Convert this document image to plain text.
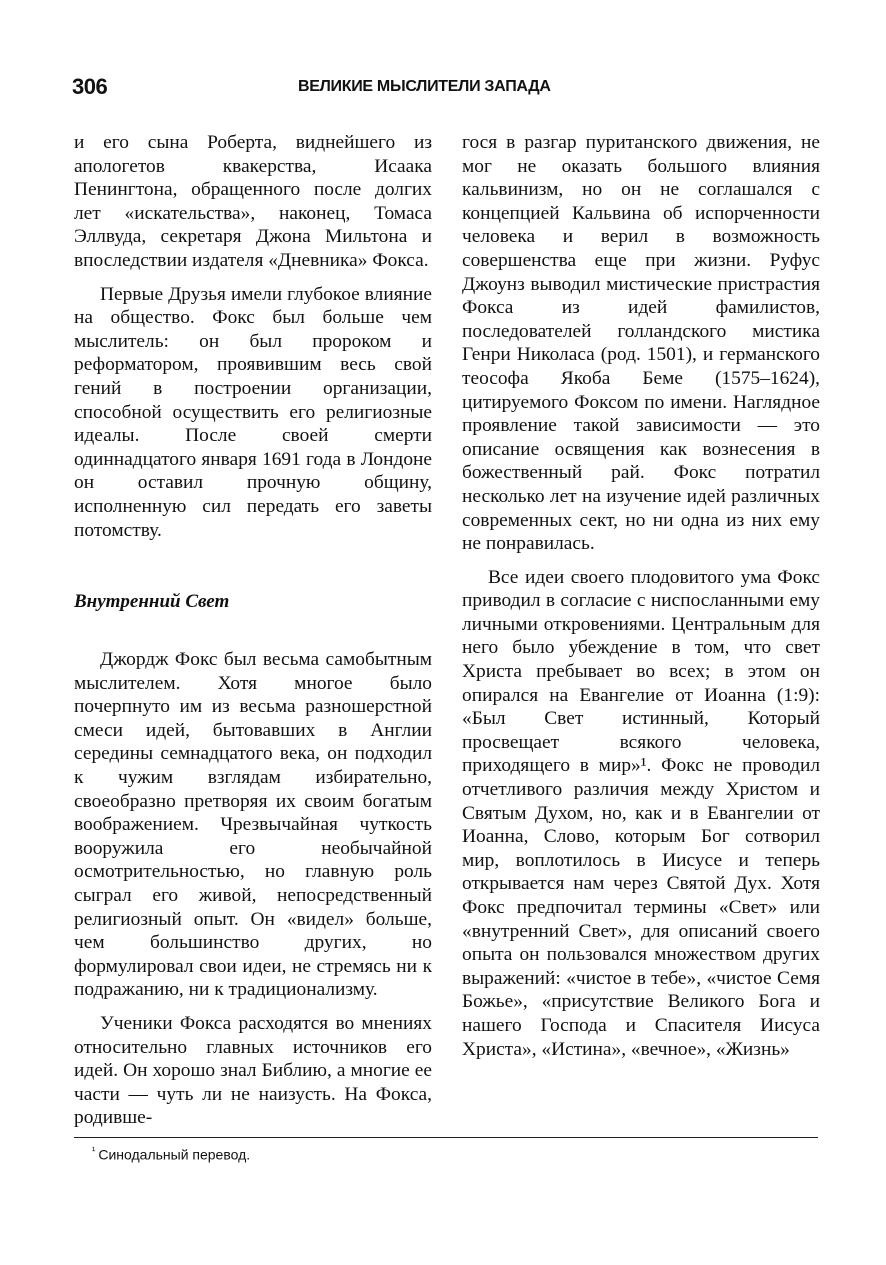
306	ВЕЛИКИЕ МЫСЛИТЕЛИ ЗАПАДА

и его сына Роберта, виднейшего из апологетов квакерства, Исаака Пенингтона, обращенного после долгих лет «искательства», наконец, Томаса Эллвуда, секретаря Джона Мильтона и впоследствии издателя «Дневника» Фокса.

Первые Друзья имели глубокое влияние на общество. Фокс был больше чем мыслитель: он был пророком и реформатором, проявившим весь свой гений в построении организации, способной осуществить его религиозные идеалы. После своей смерти одиннадцатого января 1691 года в Лондоне он оставил прочную общину, исполненную сил передать его заветы потомству.

Внутренний Свет

Джордж Фокс был весьма самобытным мыслителем. Хотя многое было почерпнуто им из весьма разношерстной смеси идей, бытовавших в Англии середины семнадцатого века, он подходил к чужим взглядам избирательно, своеобразно претворяя их своим богатым воображением. Чрезвычайная чуткость вооружила его необычайной осмотрительностью, но главную роль сыграл его живой, непосредственный религиозный опыт. Он «видел» больше, чем большинство других, но формулировал свои идеи, не стремясь ни к подражанию, ни к традиционализму.

Ученики Фокса расходятся во мнениях относительно главных источников его идей. Он хорошо знал Библию, а многие ее части — чуть ли не наизусть. На Фокса, родивше-

гося в разгар пуританского движения, не мог не оказать большого влияния кальвинизм, но он не соглашался с концепцией Кальвина об испорченности человека и верил в возможность совершенства еще при жизни. Руфус Джоунз выводил мистические пристрастия Фокса из идей фамилистов, последователей голландского мистика Генри Николаса (род. 1501), и германского теософа Якоба Беме (1575–1624), цитируемого Фоксом по имени. Наглядное проявление такой зависимости — это описание освящения как вознесения в божественный рай. Фокс потратил несколько лет на изучение идей различных современных сект, но ни одна из них ему не понравилась.

Все идеи своего плодовитого ума Фокс приводил в согласие с ниспосланными ему личными откровениями. Центральным для него было убеждение в том, что свет Христа пребывает во всех; в этом он опирался на Евангелие от Иоанна (1:9): «Был Свет истинный, Который просвещает всякого человека, приходящего в мир»¹. Фокс не проводил отчетливого различия между Христом и Святым Духом, но, как и в Евангелии от Иоанна, Слово, которым Бог сотворил мир, воплотилось в Иисусе и теперь открывается нам через Святой Дух. Хотя Фокс предпочитал термины «Свет» или «внутренний Свет», для описаний своего опыта он пользовался множеством других выражений: «чистое в тебе», «чистое Семя Божье», «присутствие Великого Бога и нашего Господа и Спасителя Иисуса Христа», «Истина», «вечное», «Жизнь»

$^{^1}$ Синодальный перевод.
